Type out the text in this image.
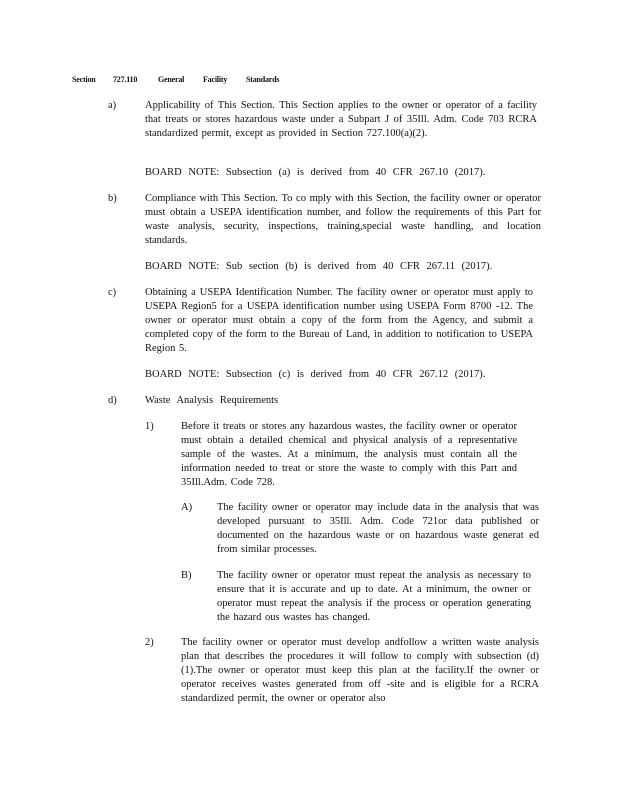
Section 727.110	General Facility Standards
a)	Applicability of This Section. This Section applies to the owner or operator of a facility that treats or stores hazardous waste under a Subpart J of 35Ill. Adm. Code 703 RCRA standardized permit, except as provided in Section 727.100(a)(2).
BOARD NOTE: Subsection (a) is derived from 40 CFR 267.10 (2017).
b)	Compliance with This Section. To co mply with this Section, the facility owner or operator must obtain a USEPA identification number, and follow the requirements of this Part for waste analysis, security, inspections, training,special waste handling, and location standards.
BOARD NOTE: Sub section (b) is derived from 40 CFR 267.11 (2017).
c)	Obtaining a USEPA Identification Number. The facility owner or operator must apply to USEPA Region5 for a USEPA identification number using USEPA Form 8700 -12. The owner or operator must obtain a copy of the form from the Agency, and submit a completed copy of the form to the Bureau of Land, in addition to notification to USEPA Region 5.
BOARD NOTE: Subsection (c) is derived from 40 CFR 267.12 (2017).
d)	Waste Analysis Requirements
1)	Before it treats or stores any hazardous wastes, the facility owner or operator must obtain a detailed chemical and physical analysis of a representative sample of the wastes. At a minimum, the analysis must contain all the information needed to treat or store the waste to comply with this Part and 35Ill.Adm. Code 728.
A) The facility owner or operator may include data in the analysis that was developed pursuant to 35Ill. Adm. Code 721or data published or documented on the hazardous waste or on hazardous waste generat ed from similar processes.
B) The facility owner or operator must repeat the analysis as necessary to ensure that it is accurate and up to date. At a minimum, the owner or operator must repeat the analysis if the process or operation generating the hazard ous wastes has changed.
2)	The facility owner or operator must develop andfollow a written waste analysis plan that describes the procedures it will follow to comply with subsection (d)(1).The owner or operator must keep this plan at the facility.If the owner or operator receives wastes generated from off -site and is eligible for a RCRA standardized permit, the owner or operator also
